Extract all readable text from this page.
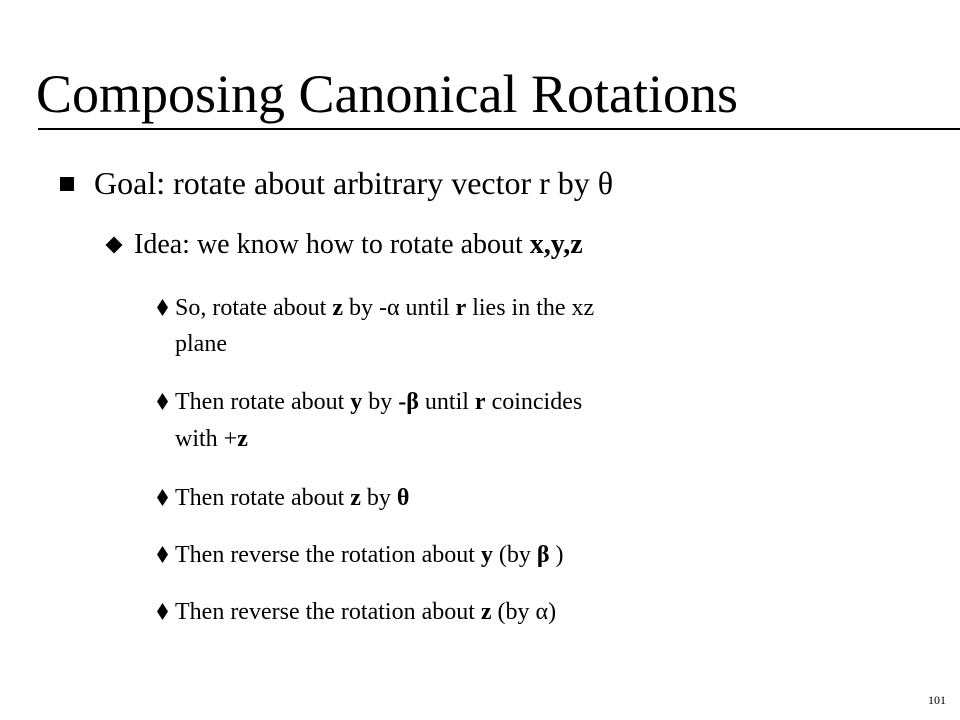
Composing Canonical Rotations
Goal: rotate about arbitrary vector r by θ
Idea: we know how to rotate about x,y,z
So, rotate about z by -α until r lies in the xz
plane
Then rotate about y by -β until r coincides
with +z
Then rotate about z by θ
Then reverse the rotation about y (by β )
Then reverse the rotation about z (by α)
101
